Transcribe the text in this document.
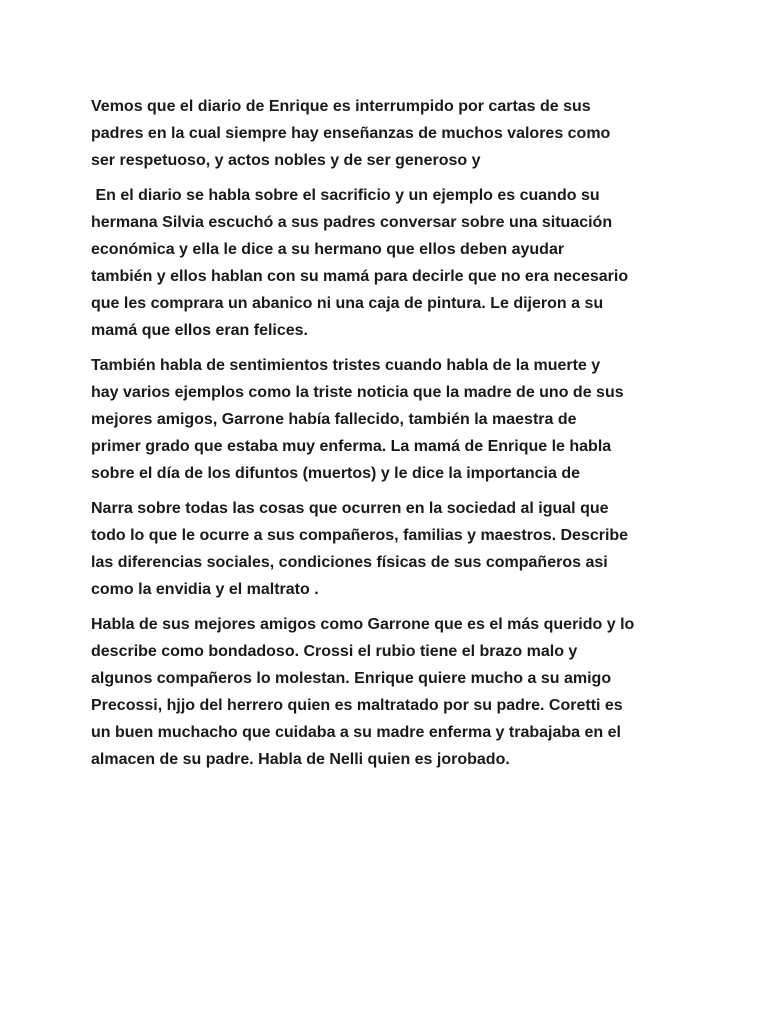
Vemos que el diario de Enrique es interrumpido por cartas de sus
padres en la cual siempre hay enseñanzas de muchos valores como
ser respetuoso, y actos nobles y de ser generoso y

En el diario se habla sobre el sacrificio y un ejemplo es cuando su
hermana Silvia escuchó a sus padres conversar sobre una situación
económica y ella le dice a su hermano que ellos deben ayudar
también y ellos hablan con su mamá para decirle que no era necesario
que les comprara un abanico ni una caja de pintura. Le dijeron a su
mamá que ellos eran felices.

También habla de sentimientos tristes cuando habla de la muerte y
hay varios ejemplos como la triste noticia que la madre de uno de sus
mejores amigos, Garrone había fallecido, también la maestra de
primer grado que estaba muy enferma. La mamá de Enrique le habla
sobre el día de los difuntos (muertos) y le dice la importancia de

Narra sobre todas las cosas que ocurren en la sociedad al igual que
todo lo que le ocurre a sus compañeros, familias y maestros. Describe
las diferencias sociales, condiciones físicas de sus compañeros asi
como la envidia y el maltrato .

Habla de sus mejores amigos como Garrone que es el más querido y lo
describe como bondadoso. Crossi el rubio tiene el brazo malo y
algunos compañeros lo molestan. Enrique quiere mucho a su amigo
Precossi, hjjo del herrero quien es maltratado por su padre. Coretti es
un buen muchacho que cuidaba a su madre enferma y trabajaba en el
almacen de su padre. Habla de Nelli quien es jorobado.
